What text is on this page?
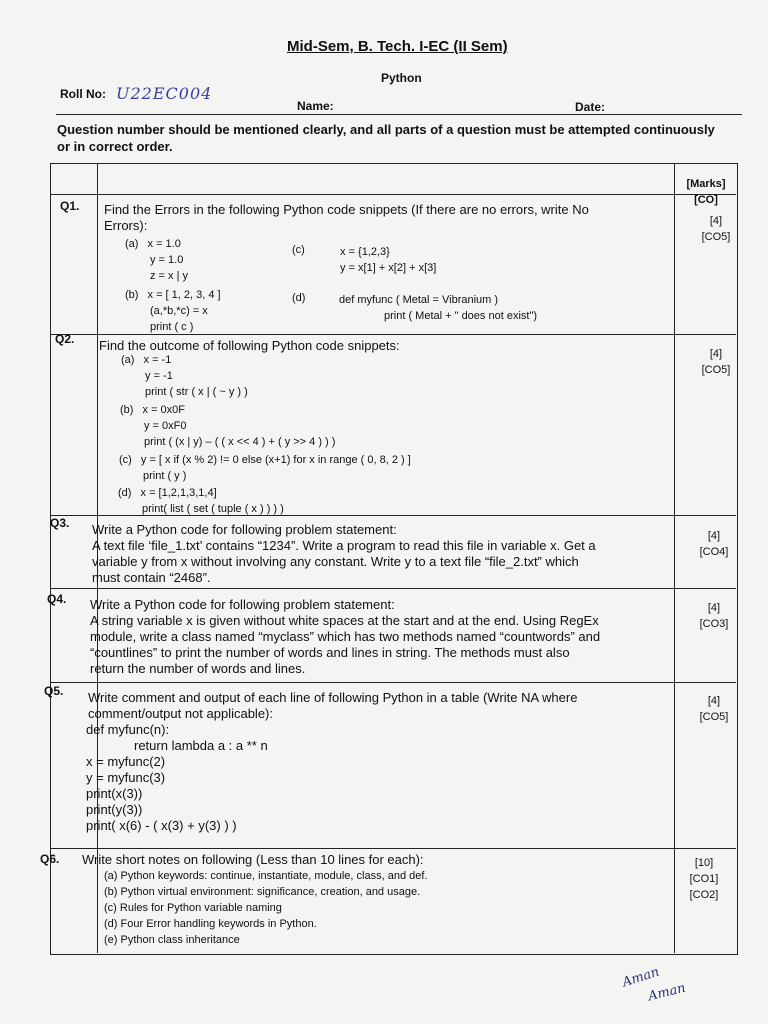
Mid-Sem, B. Tech. I-EC (II Sem)
Python
Roll No: U22EC004
Name:	Date:
Question number should be mentioned clearly, and all parts of a question must be attempted continuously
or in correct order.
[Marks]
[CO]
Q1. Find the Errors in the following Python code snippets (If there are no errors, write No
Errors):
(a) x = 1.0
y = 1.0
z = x | y
(b) x = [ 1, 2, 3, 4 ]
(a,*b,*c) = x
print ( c )
(c)	x = {1,2,3}
y = x[1] + x[2] + x[3]
(d)	def myfunc ( Metal = Vibranium )
print ( Metal + " does not exist")
[4]
[CO5]
Q2. Find the outcome of following Python code snippets:
(a) x = -1
y = -1
print ( str ( x | ( ~ y ) )
(b) x = 0x0F
y = 0xF0
print ( (x | y) – ( ( x << 4 ) + ( y >> 4 ) ) )
(c) y = [ x if (x % 2) != 0 else (x+1) for x in range ( 0, 8, 2 ) ]
print ( y )
(d) x = [1,2,1,3,1,4]
print( list ( set ( tuple ( x ) ) ) )
[4]
[CO5]
Q3. Write a Python code for following problem statement:
A text file ‘file_1.txt’ contains “1234”. Write a program to read this file in variable x. Get a
variable y from x without involving any constant. Write y to a text file “file_2.txt” which
must contain “2468”.
[4]
[CO4]
Q4. Write a Python code for following problem statement:
A string variable x is given without white spaces at the start and at the end. Using RegEx
module, write a class named “myclass” which has two methods named “countwords” and
“countlines” to print the number of words and lines in string. The methods must also
return the number of words and lines.
[4]
[CO3]
Q5. Write comment and output of each line of following Python in a table (Write NA where
comment/output not applicable):
def myfunc(n):
return lambda a : a ** n
x = myfunc(2)
y = myfunc(3)
print(x(3))
print(y(3))
print( x(6) - ( x(3) + y(3) ) )
[4]
[CO5]
Q6. Write short notes on following (Less than 10 lines for each):
(a) Python keywords: continue, instantiate, module, class, and def.
(b) Python virtual environment: significance, creation, and usage.
(c) Rules for Python variable naming
(d) Four Error handling keywords in Python.
(e) Python class inheritance
[10]
[CO1]
[CO2]
Aman
Aman
